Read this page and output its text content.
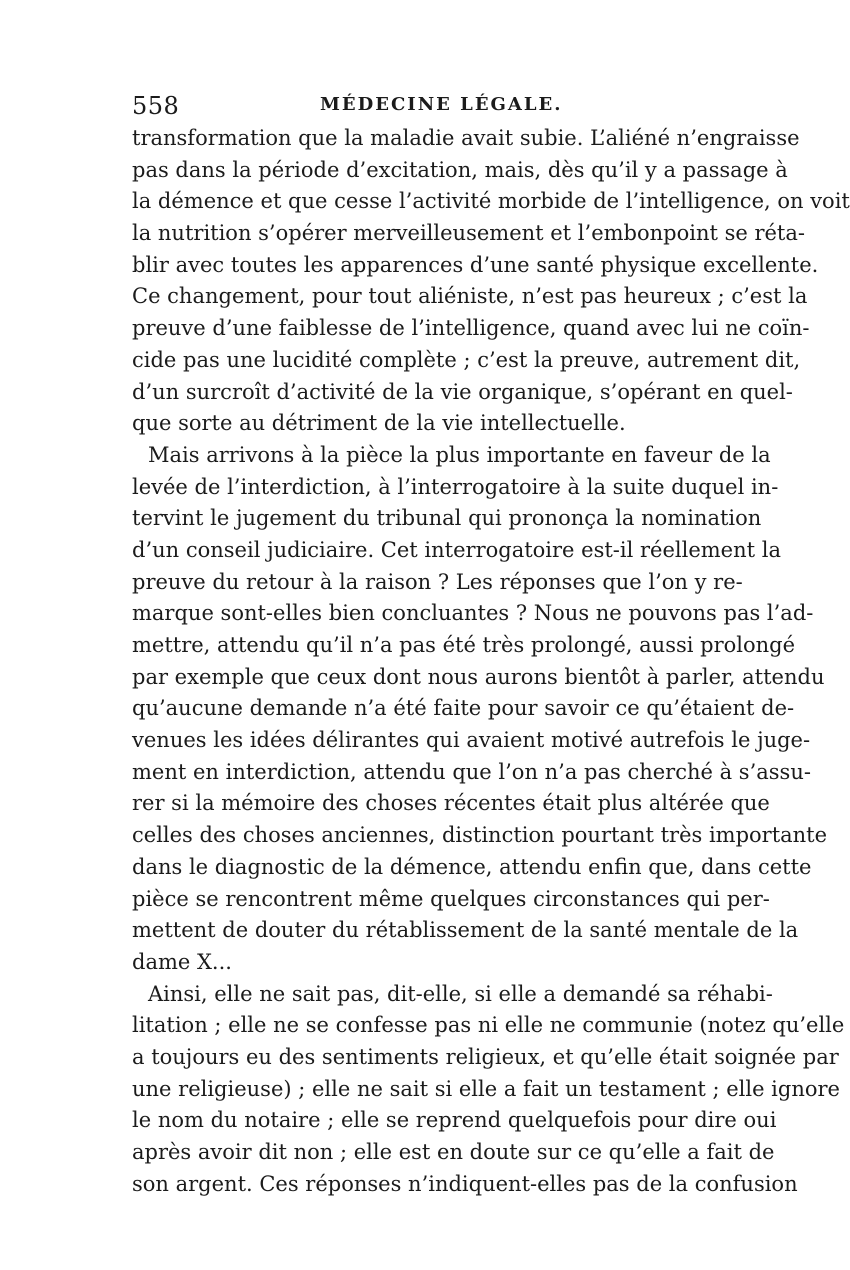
558	MÉDECINE LÉGALE.
transformation que la maladie avait subie. L’aliéné n’engraisse
pas dans la période d’excitation, mais, dès qu’il y a passage à
la démence et que cesse l’activité morbide de l’intelligence, on voit
la nutrition s’opérer merveilleusement et l’embonpoint se réta-
blir avec toutes les apparences d’une santé physique excellente.
Ce changement, pour tout aliéniste, n’est pas heureux ; c’est la
preuve d’une faiblesse de l’intelligence, quand avec lui ne coïn-
cide pas une lucidité complète ; c’est la preuve, autrement dit,
d’un surcroît d’activité de la vie organique, s’opérant en quel-
que sorte au détriment de la vie intellectuelle.
Mais arrivons à la pièce la plus importante en faveur de la
levée de l’interdiction, à l’interrogatoire à la suite duquel in-
tervint le jugement du tribunal qui prononça la nomination
d’un conseil judiciaire. Cet interrogatoire est-il réellement la
preuve du retour à la raison ? Les réponses que l’on y re-
marque sont-elles bien concluantes ? Nous ne pouvons pas l’ad-
mettre, attendu qu’il n’a pas été très prolongé, aussi prolongé
par exemple que ceux dont nous aurons bientôt à parler, attendu
qu’aucune demande n’a été faite pour savoir ce qu’étaient de-
venues les idées délirantes qui avaient motivé autrefois le juge-
ment en interdiction, attendu que l’on n’a pas cherché à s’assu-
rer si la mémoire des choses récentes était plus altérée que
celles des choses anciennes, distinction pourtant très importante
dans le diagnostic de la démence, attendu enfin que, dans cette
pièce se rencontrent même quelques circonstances qui per-
mettent de douter du rétablissement de la santé mentale de la
dame X...
Ainsi, elle ne sait pas, dit-elle, si elle a demandé sa réhabi-
litation ; elle ne se confesse pas ni elle ne communie (notez qu’elle
a toujours eu des sentiments religieux, et qu’elle était soignée par
une religieuse) ; elle ne sait si elle a fait un testament ; elle ignore
le nom du notaire ; elle se reprend quelquefois pour dire oui
après avoir dit non ; elle est en doute sur ce qu’elle a fait de
son argent. Ces réponses n’indiquent-elles pas de la confusion
